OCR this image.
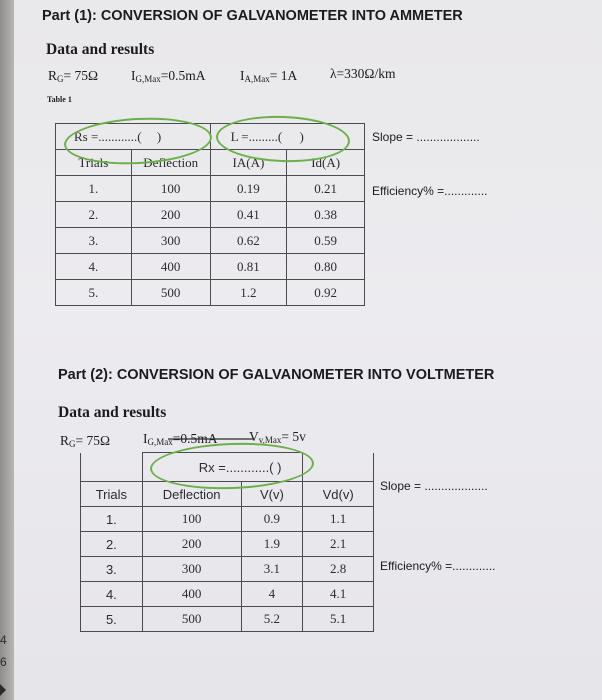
Part (1): CONVERSION OF GALVANOMETER INTO AMMETER
Data and results
$R_G= 75\Omega$ $I_{G,Max}=0.5mA$	$I_{A,Max}= 1A$ λ=330Ω/km
Table 1
Rs =............( )		L =.........( )	
Trials	Deflection	IA(A)	Id(A)
1.	100	0.19	0.21
2.	200	0.41	0.38
3.	300	0.62	0.59
4.	400	0.81	0.80
5.	500	1.2	0.92
Slope = ...................
Efficiency% =.............
Part (2): CONVERSION OF GALVANOMETER INTO VOLTMETER
Data and results
$R_G= 75\Omega$ $I_{G,Max}=0.5mA$ $V_{v,Max}= 5v$
	Rx =............( )		
Trials	Deflection	V(v)	Vd(v)
1.	100	0.9	1.1
2.	200	1.9	2.1
3.	300	3.1	2.8
4.	400	4	4.1
5.	500	5.2	5.1
Slope = ...................
Efficiency% =.............
4
6
